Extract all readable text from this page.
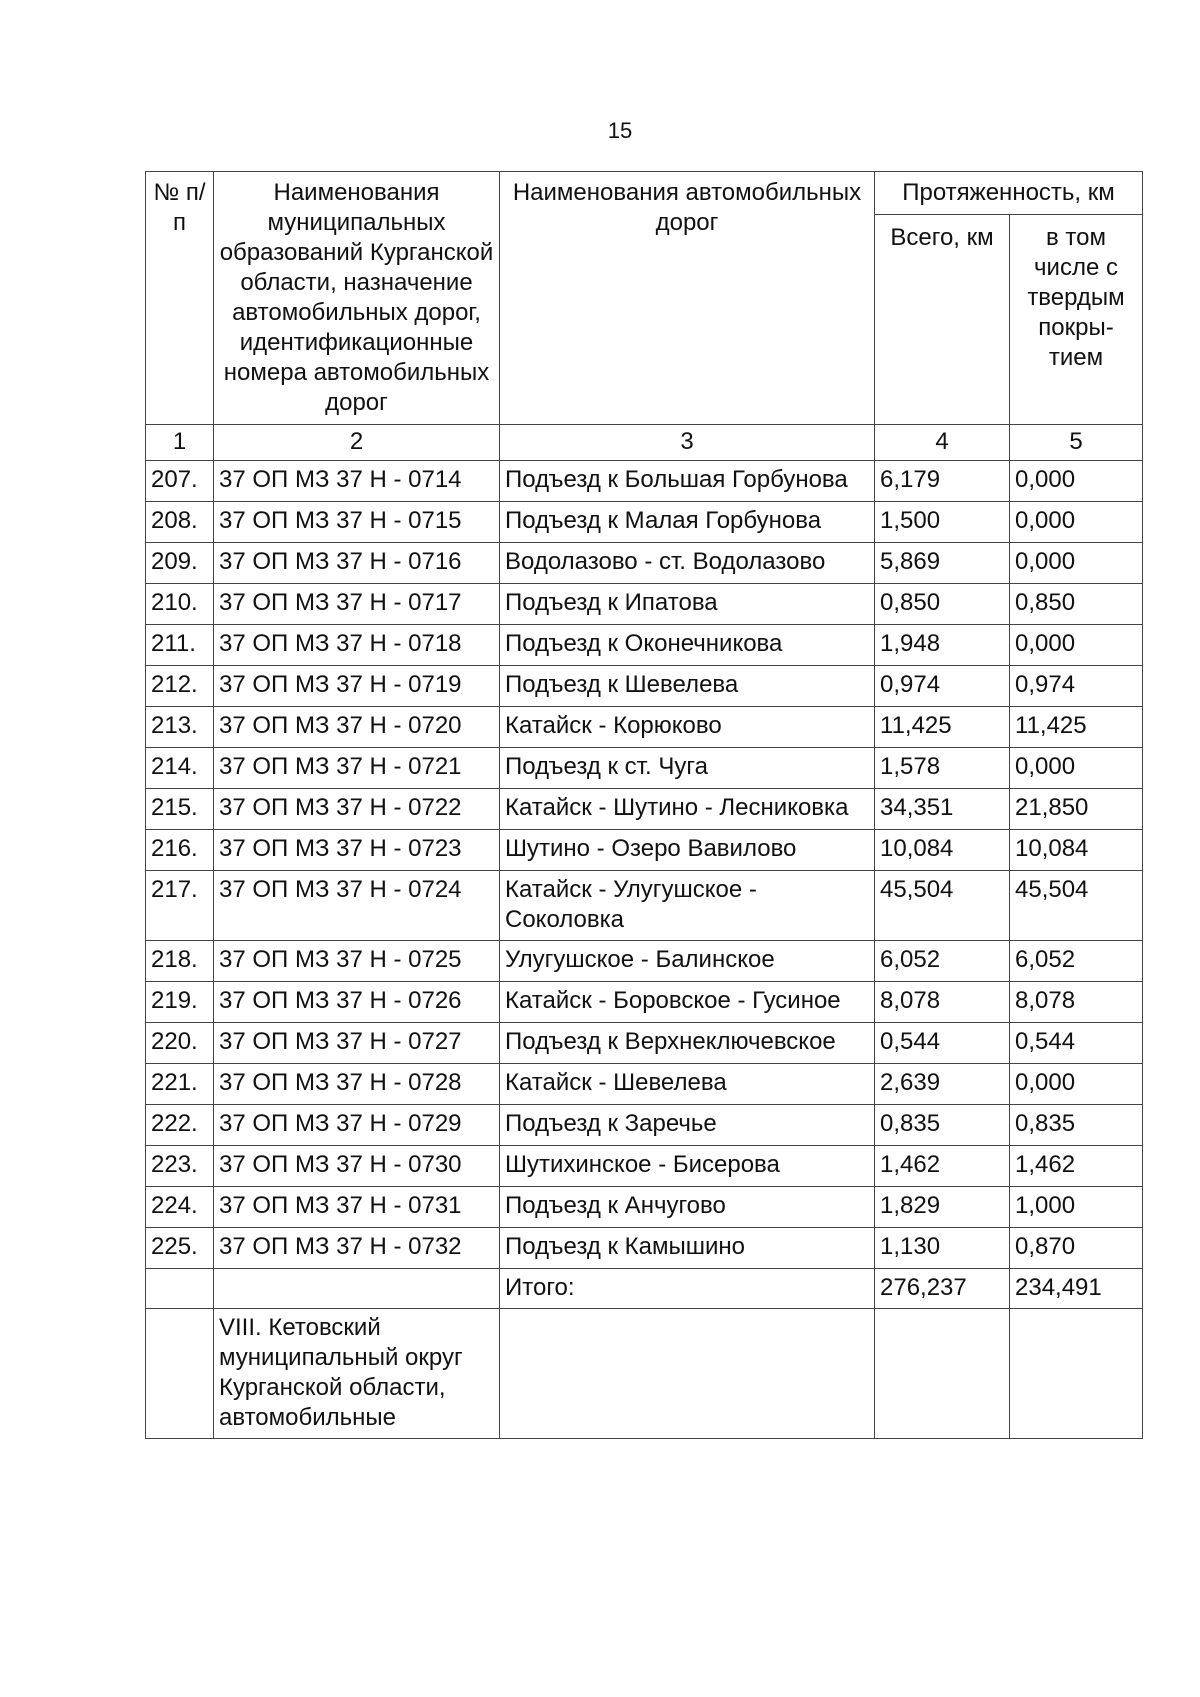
15
№ п/п	Наименования муниципальных образований Курганской области, назначение автомобильных дорог, идентификационные номера автомобильных дорог	Наименования автомобильных дорог	Протяженность, км	
			Всего, км	в том числе с твердым покры-тием
1	2	3	4	5
207.	37 ОП МЗ 37 Н - 0714	Подъезд к Большая Горбунова	6,179	0,000
208.	37 ОП МЗ 37 Н - 0715	Подъезд к Малая Горбунова	1,500	0,000
209.	37 ОП МЗ 37 Н - 0716	Водолазово - ст. Водолазово	5,869	0,000
210.	37 ОП МЗ 37 Н - 0717	Подъезд к Ипатова	0,850	0,850
211.	37 ОП МЗ 37 Н - 0718	Подъезд к Оконечникова	1,948	0,000
212.	37 ОП МЗ 37 Н - 0719	Подъезд к Шевелева	0,974	0,974
213.	37 ОП МЗ 37 Н - 0720	Катайск - Корюково	11,425	11,425
214.	37 ОП МЗ 37 Н - 0721	Подъезд к ст. Чуга	1,578	0,000
215.	37 ОП МЗ 37 Н - 0722	Катайск - Шутино - Лесниковка	34,351	21,850
216.	37 ОП МЗ 37 Н - 0723	Шутино - Озеро Вавилово	10,084	10,084
217.	37 ОП МЗ 37 Н - 0724	Катайск - Улугушское - Соколовка	45,504	45,504
218.	37 ОП МЗ 37 Н - 0725	Улугушское - Балинское	6,052	6,052
219.	37 ОП МЗ 37 Н - 0726	Катайск - Боровское - Гусиное	8,078	8,078
220.	37 ОП МЗ 37 Н - 0727	Подъезд к Верхнеключевское	0,544	0,544
221.	37 ОП МЗ 37 Н - 0728	Катайск - Шевелева	2,639	0,000
222.	37 ОП МЗ 37 Н - 0729	Подъезд к Заречье	0,835	0,835
223.	37 ОП МЗ 37 Н - 0730	Шутихинское - Бисерова	1,462	1,462
224.	37 ОП МЗ 37 Н - 0731	Подъезд к Анчугово	1,829	1,000
225.	37 ОП МЗ 37 Н - 0732	Подъезд к Камышино	1,130	0,870
		Итого:	276,237	234,491
	VIII. Кетовский муниципальный округ Курганской области, автомобильные			
